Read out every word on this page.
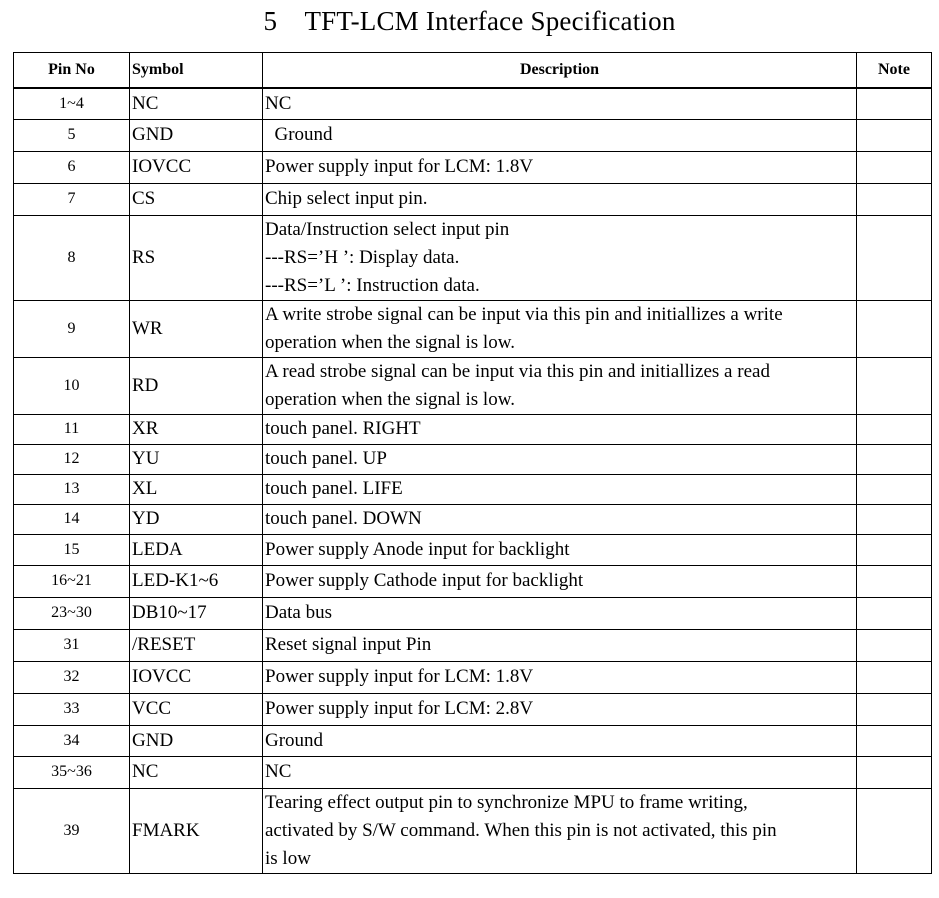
5    TFT-LCM Interface Specification
Pin No	Symbol	Description	Note
1~4	NC	NC	

5	GND	Ground	

6	IOVCC	Power supply input for LCM: 1.8V	

7	CS	Chip select input pin.	

8	RS	Data/Instruction select input pin
---RS=’H ’: Display data.
---RS=’L ’: Instruction data.	

9	WR	A write strobe signal can be input via this pin and initiallizes a write
operation when the signal is low.	

10	RD	A read strobe signal can be input via this pin and initiallizes a read
operation when the signal is low.	

11	XR	touch panel. RIGHT	

12	YU	touch panel. UP	

13	XL	touch panel. LIFE	

14	YD	touch panel. DOWN	

15	LEDA	Power supply Anode input for backlight	

16~21	LED-K1~6	Power supply Cathode input for backlight	

23~30	DB10~17	Data bus	

31	/RESET	Reset signal input Pin	

32	IOVCC	Power supply input for LCM: 1.8V	

33	VCC	Power supply input for LCM: 2.8V	

34	GND	Ground	

35~36	NC	NC	

39	FMARK	Tearing effect output pin to synchronize MPU to frame writing,
activated by S/W command. When this pin is not activated, this pin
is low	
